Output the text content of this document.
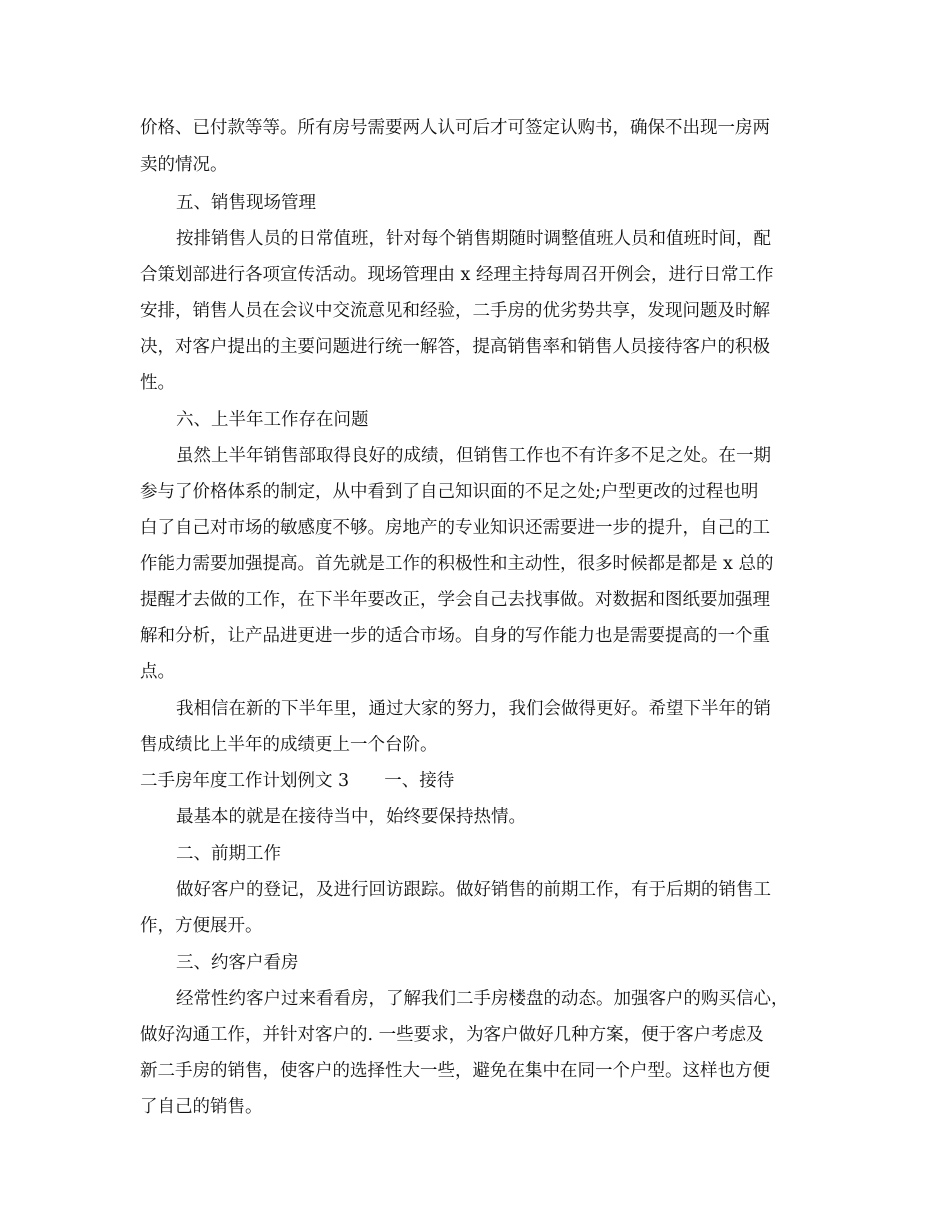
价格、已付款等等。所有房号需要两人认可后才可签定认购书，确保不出现一房两
卖的情况。
五、销售现场管理
按排销售人员的日常值班，针对每个销售期随时调整值班人员和值班时间，配
合策划部进行各项宣传活动。现场管理由 x 经理主持每周召开例会，进行日常工作
安排，销售人员在会议中交流意见和经验，二手房的优劣势共享，发现问题及时解
决，对客户提出的主要问题进行统一解答，提高销售率和销售人员接待客户的积极
性。
六、上半年工作存在问题
虽然上半年销售部取得良好的成绩，但销售工作也不有许多不足之处。在一期
参与了价格体系的制定，从中看到了自己知识面的不足之处;户型更改的过程也明
白了自己对市场的敏感度不够。房地产的专业知识还需要进一步的提升，自己的工
作能力需要加强提高。首先就是工作的积极性和主动性，很多时候都是都是 x 总的
提醒才去做的工作，在下半年要改正，学会自己去找事做。对数据和图纸要加强理
解和分析，让产品进更进一步的适合市场。自身的写作能力也是需要提高的一个重
点。
我相信在新的下半年里，通过大家的努力，我们会做得更好。希望下半年的销
售成绩比上半年的成绩更上一个台阶。
二手房年度工作计划例文 3　　一、接待
最基本的就是在接待当中，始终要保持热情。
二、前期工作
做好客户的登记，及进行回访跟踪。做好销售的前期工作，有于后期的销售工
作，方便展开。
三、约客户看房
经常性约客户过来看看房，了解我们二手房楼盘的动态。加强客户的购买信心，
做好沟通工作，并针对客户的. 一些要求，为客户做好几种方案，便于客户考虑及
新二手房的销售，使客户的选择性大一些，避免在集中在同一个户型。这样也方便
了自己的销售。
